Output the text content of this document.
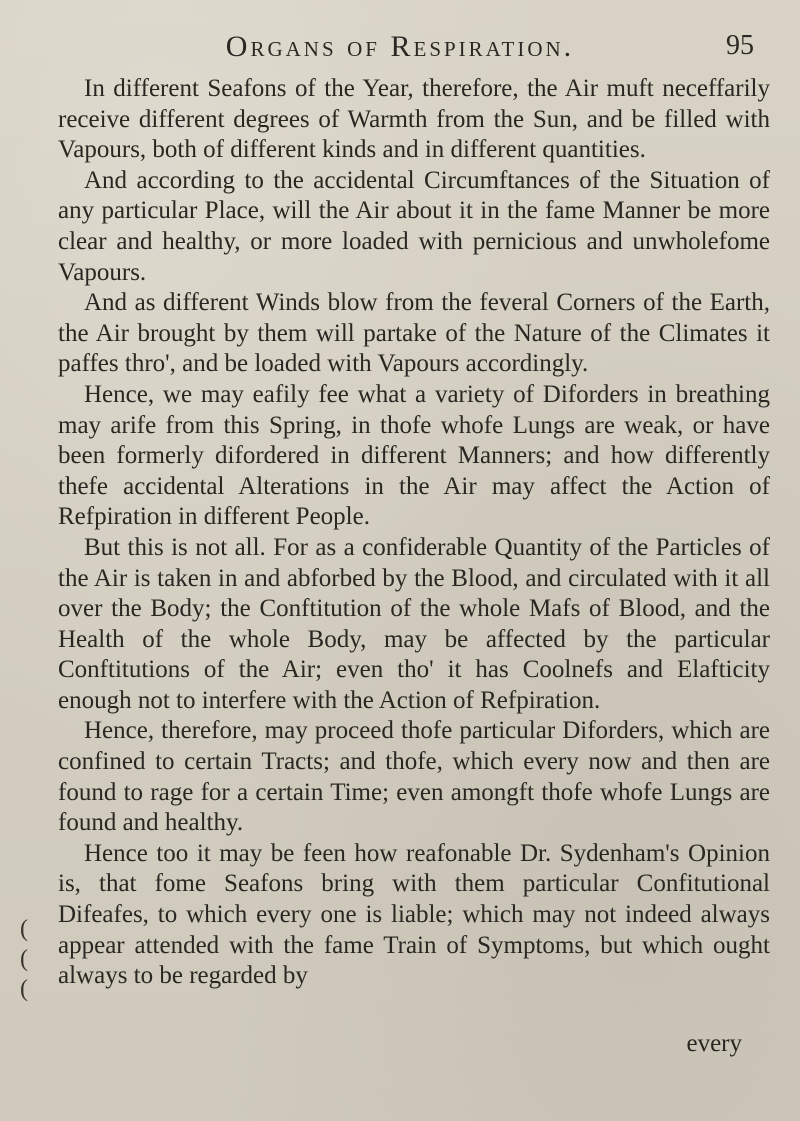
Organs of Respiration.	95

In different Seafons of the Year, therefore, the Air muft neceffarily receive different degrees of Warmth from the Sun, and be filled with Vapours, both of different kinds and in different quantities.

And according to the accidental Circumftances of the Situation of any particular Place, will the Air about it in the fame Manner be more clear and healthy, or more loaded with pernicious and unwholefome Vapours.

And as different Winds blow from the feveral Corners of the Earth, the Air brought by them will partake of the Nature of the Climates it paffes thro', and be loaded with Vapours accordingly.

Hence, we may eafily fee what a variety of Diforders in breathing may arife from this Spring, in thofe whofe Lungs are weak, or have been formerly difordered in different Manners; and how differently thefe accidental Alterations in the Air may affect the Action of Refpiration in different People.

But this is not all. For as a confiderable Quantity of the Particles of the Air is taken in and abforbed by the Blood, and circulated with it all over the Body; the Conftitution of the whole Mafs of Blood, and the Health of the whole Body, may be affected by the particular Conftitutions of the Air; even tho' it has Coolnefs and Elafticity enough not to interfere with the Action of Refpiration.

Hence, therefore, may proceed thofe particular Diforders, which are confined to certain Tracts; and thofe, which every now and then are found to rage for a certain Time; even amongft thofe whofe Lungs are found and healthy.

Hence too it may be feen how reafonable Dr. Sydenham's Opinion is, that fome Seafons bring with them particular Confitutional Difeafes, to which every one is liable; which may not indeed always appear attended with the fame Train of Symptoms, but which ought always to be regarded by

every
(
(
(
